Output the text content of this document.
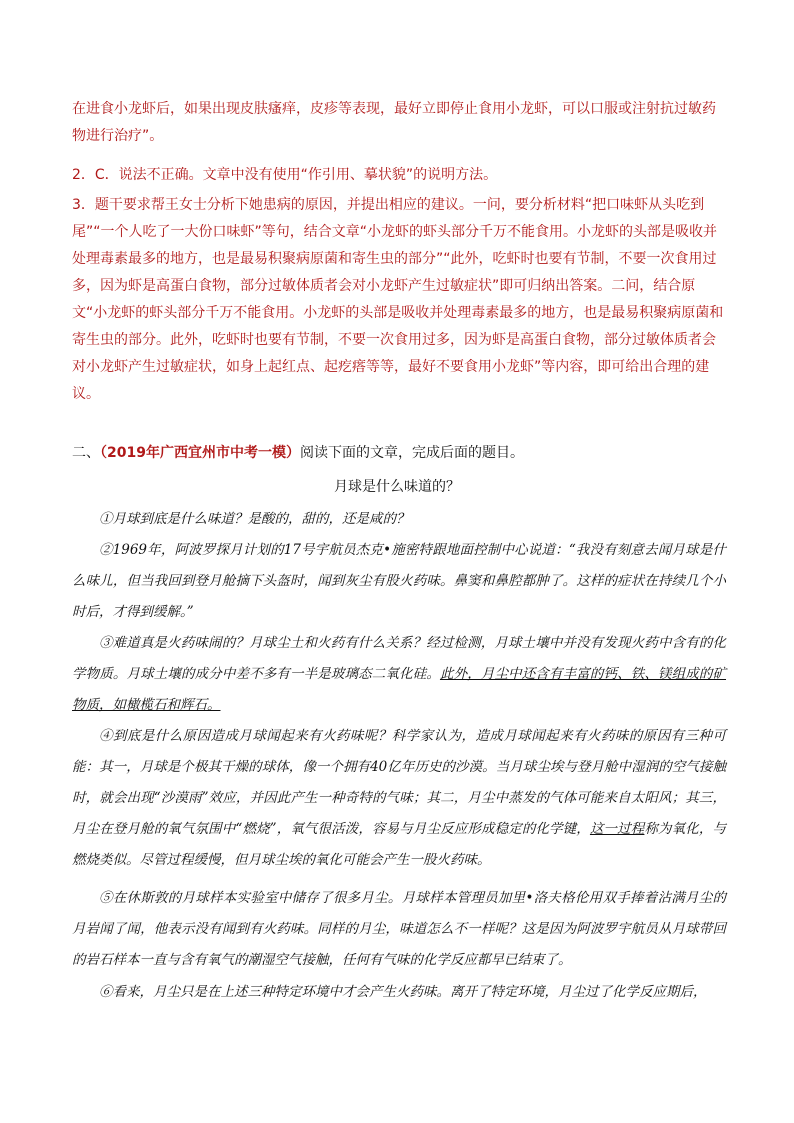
在进食小龙虾后，如果出现皮肤瘙痒，皮疹等表现，最好立即停止食用小龙虾，可以口服或注射抗过敏药物进行治疗”。

2．C．说法不正确。文章中没有使用“作引用、摹状貌”的说明方法。

3．题干要求帮王女士分析下她患病的原因，并提出相应的建议。一问，要分析材料“把口味虾从头吃到尾”“一个人吃了一大份口味虾”等句，结合文章“小龙虾的虾头部分千万不能食用。小龙虾的头部是吸收并处理毒素最多的地方，也是最易积聚病原菌和寄生虫的部分”“此外，吃虾时也要有节制，不要一次食用过多，因为虾是高蛋白食物，部分过敏体质者会对小龙虾产生过敏症状”即可归纳出答案。二问，结合原文“小龙虾的虾头部分千万不能食用。小龙虾的头部是吸收并处理毒素最多的地方，也是最易积聚病原菌和寄生虫的部分。此外，吃虾时也要有节制，不要一次食用过多，因为虾是高蛋白食物，部分过敏体质者会对小龙虾产生过敏症状，如身上起红点、起疙瘩等等，最好不要食用小龙虾”等内容，即可给出合理的建议。

二、（2019年广西宜州市中考一模）阅读下面的文章，完成后面的题目。
月球是什么味道的？

①月球到底是什么味道？是酸的，甜的，还是咸的？

②1969年，阿波罗探月计划的17号宇航员杰克•施密特跟地面控制中心说道：“我没有刻意去闻月球是什么味儿，但当我回到登月舱摘下头盔时，闻到灰尘有股火药味。鼻窦和鼻腔都肿了。这样的症状在持续几个小时后，才得到缓解。”

③难道真是火药味闹的？月球尘土和火药有什么关系？经过检测，月球土壤中并没有发现火药中含有的化学物质。月球土壤的成分中差不多有一半是玻璃态二氧化硅。此外，月尘中还含有丰富的钙、铁、镁组成的矿物质，如橄榄石和辉石。

④到底是什么原因造成月球闻起来有火药味呢？科学家认为，造成月球闻起来有火药味的原因有三种可能：其一，月球是个极其干燥的球体，像一个拥有40亿年历史的沙漠。当月球尘埃与登月舱中湿润的空气接触时，就会出现“沙漠雨”效应，并因此产生一种奇特的气味；其二，月尘中蒸发的气体可能来自太阳风；其三，月尘在登月舱的氧气氛围中“燃烧”，氧气很活泼，容易与月尘反应形成稳定的化学键，这一过程称为氧化，与燃烧类似。尽管过程缓慢，但月球尘埃的氧化可能会产生一股火药味。

⑤在休斯敦的月球样本实验室中储存了很多月尘。月球样本管理员加里•洛夫格伦用双手捧着沾满月尘的月岩闻了闻，他表示没有闻到有火药味。同样的月尘，味道怎么不一样呢？这是因为阿波罗宇航员从月球带回的岩石样本一直与含有氧气的潮湿空气接触，任何有气味的化学反应都早已结束了。

⑥看来，月尘只是在上述三种特定环境中才会产生火药味。离开了特定环境，月尘过了化学反应期后，
